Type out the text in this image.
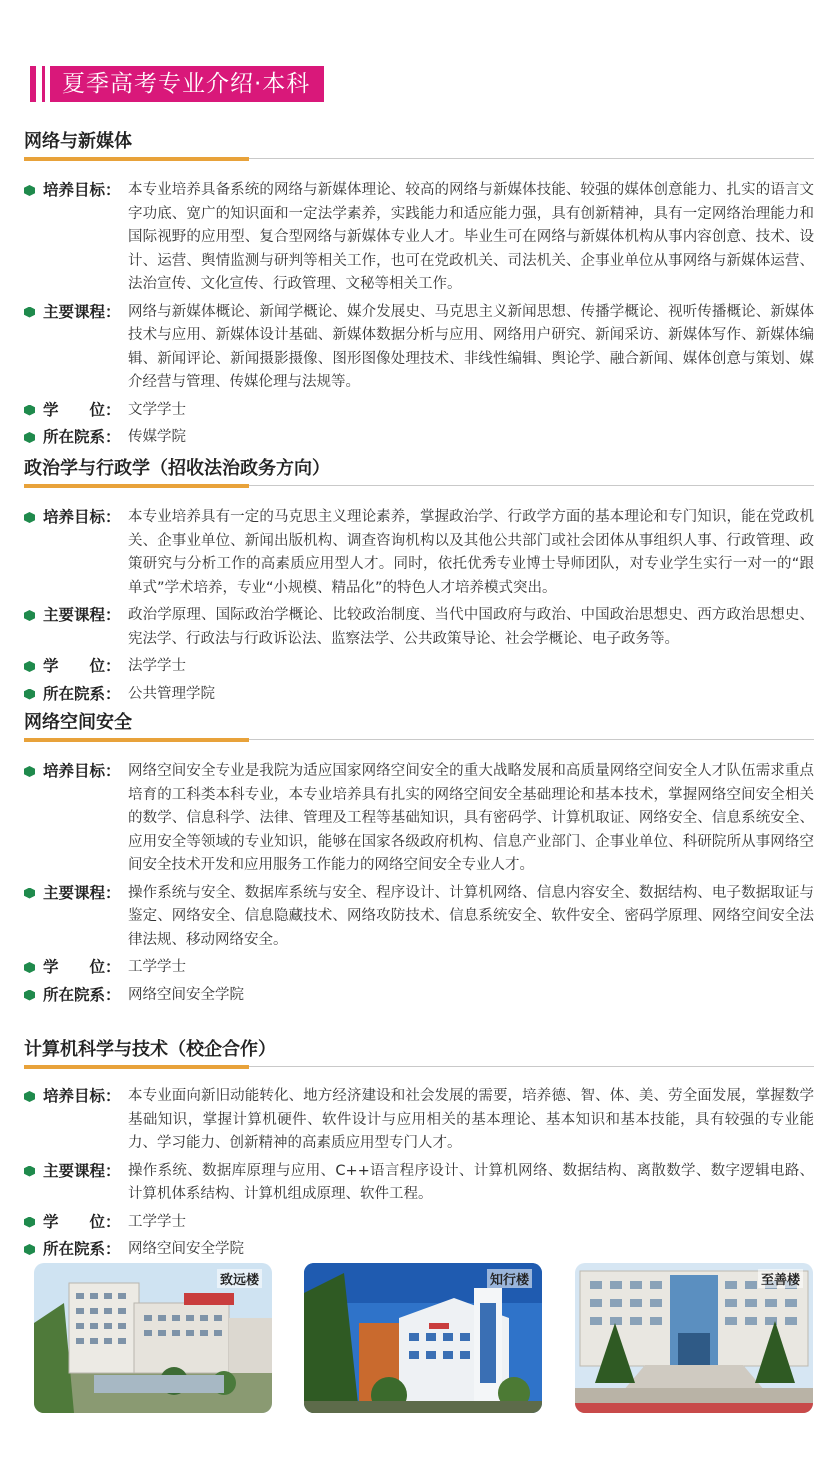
夏季高考专业介绍·本科
网络与新媒体
培养目标： 本专业培养具备系统的网络与新媒体理论、较高的网络与新媒体技能、较强的媒体创意能力、扎实的语言文字功底、宽广的知识面和一定法学素养，实践能力和适应能力强，具有创新精神，具有一定网络治理能力和国际视野的应用型、复合型网络与新媒体专业人才。毕业生可在网络与新媒体机构从事内容创意、技术、设计、运营、舆情监测与研判等相关工作，也可在党政机关、司法机关、企事业单位从事网络与新媒体运营、法治宣传、文化宣传、行政管理、文秘等相关工作。
主要课程： 网络与新媒体概论、新闻学概论、媒介发展史、马克思主义新闻思想、传播学概论、视听传播概论、新媒体技术与应用、新媒体设计基础、新媒体数据分析与应用、网络用户研究、新闻采访、新媒体写作、新媒体编辑、新闻评论、新闻摄影摄像、图形图像处理技术、非线性编辑、舆论学、融合新闻、媒体创意与策划、媒介经营与管理、传媒伦理与法规等。
学　　位： 文学学士
所在院系： 传媒学院
政治学与行政学（招收法治政务方向）
培养目标： 本专业培养具有一定的马克思主义理论素养，掌握政治学、行政学方面的基本理论和专门知识，能在党政机关、企事业单位、新闻出版机构、调查咨询机构以及其他公共部门或社会团体从事组织人事、行政管理、政策研究与分析工作的高素质应用型人才。同时，依托优秀专业博士导师团队，对专业学生实行一对一的“跟单式”学术培养，专业“小规模、精品化”的特色人才培养模式突出。
主要课程： 政治学原理、国际政治学概论、比较政治制度、当代中国政府与政治、中国政治思想史、西方政治思想史、宪法学、行政法与行政诉讼法、监察法学、公共政策导论、社会学概论、电子政务等。
学　　位： 法学学士
所在院系： 公共管理学院
网络空间安全
培养目标： 网络空间安全专业是我院为适应国家网络空间安全的重大战略发展和高质量网络空间安全人才队伍需求重点培育的工科类本科专业，本专业培养具有扎实的网络空间安全基础理论和基本技术，掌握网络空间安全相关的数学、信息科学、法律、管理及工程等基础知识，具有密码学、计算机取证、网络安全、信息系统安全、应用安全等领域的专业知识，能够在国家各级政府机构、信息产业部门、企事业单位、科研院所从事网络空间安全技术开发和应用服务工作能力的网络空间安全专业人才。
主要课程： 操作系统与安全、数据库系统与安全、程序设计、计算机网络、信息内容安全、数据结构、电子数据取证与鉴定、网络安全、信息隐藏技术、网络攻防技术、信息系统安全、软件安全、密码学原理、网络空间安全法律法规、移动网络安全。
学　　位： 工学学士
所在院系： 网络空间安全学院
计算机科学与技术（校企合作）
培养目标： 本专业面向新旧动能转化、地方经济建设和社会发展的需要，培养德、智、体、美、劳全面发展，掌握数学基础知识，掌握计算机硬件、软件设计与应用相关的基本理论、基本知识和基本技能，具有较强的专业能力、学习能力、创新精神的高素质应用型专门人才。
主要课程： 操作系统、数据库原理与应用、C++语言程序设计、计算机网络、数据结构、离散数学、数字逻辑电路、计算机体系结构、计算机组成原理、软件工程。
学　　位： 工学学士
所在院系： 网络空间安全学院
致远楼	知行楼	至善楼
